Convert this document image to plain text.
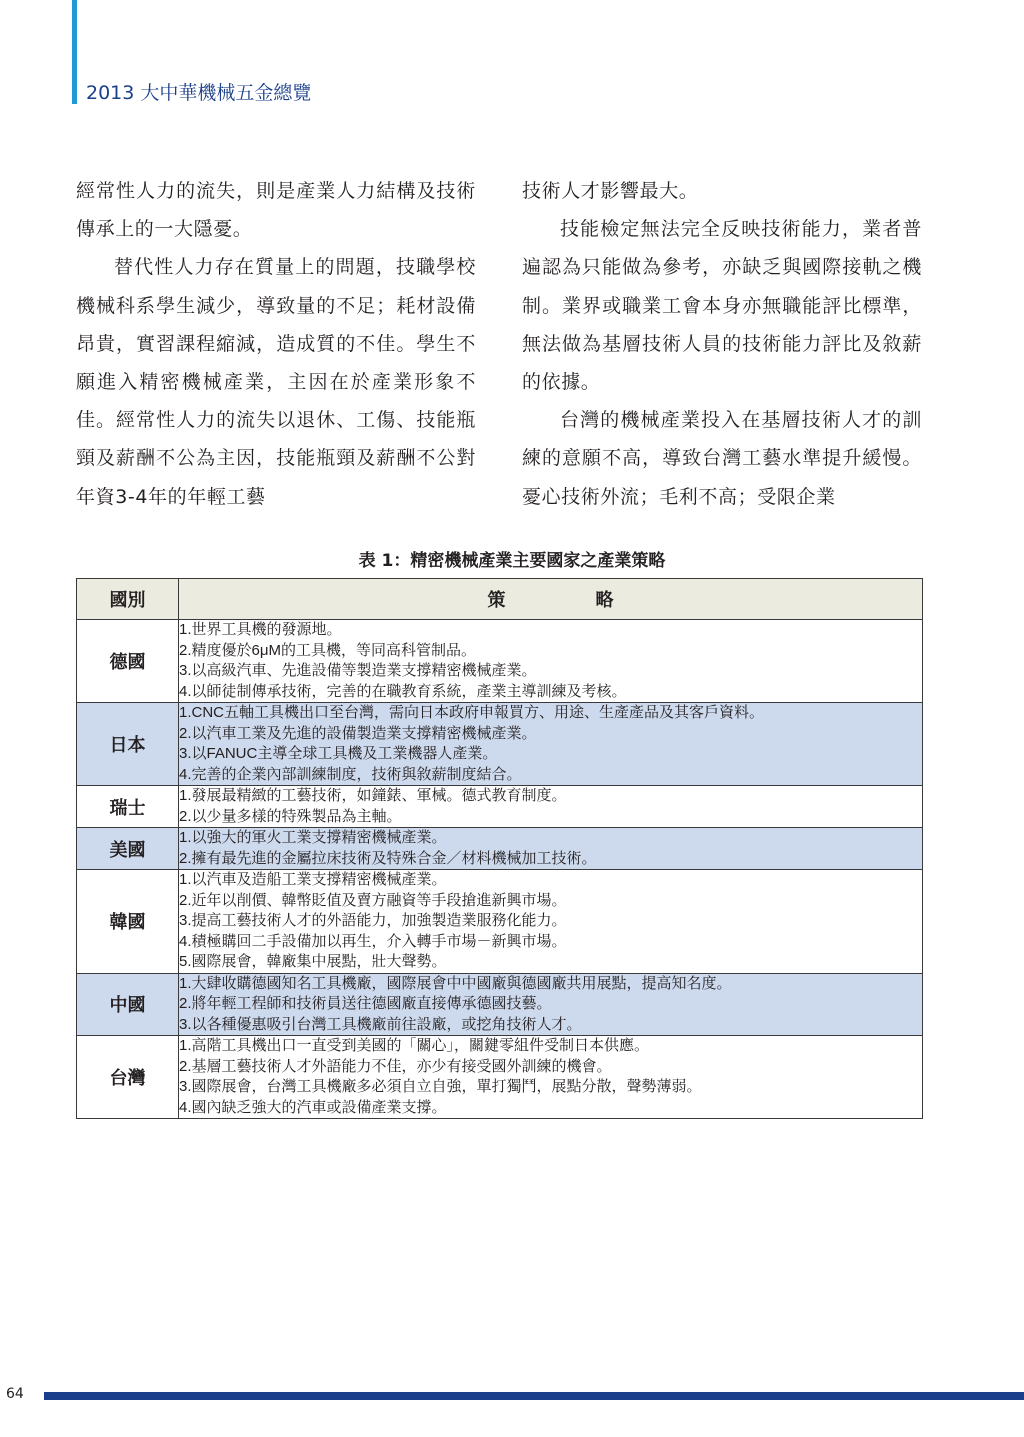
2013 大中華機械五金總覽

經常性人力的流失，則是產業人力結構及技術傳承上的一大隱憂。

替代性人力存在質量上的問題，技職學校機械科系學生減少，導致量的不足；耗材設備昂貴，實習課程縮減，造成質的不佳。學生不願進入精密機械產業，主因在於產業形象不佳。經常性人力的流失以退休、工傷、技能瓶頸及薪酬不公為主因，技能瓶頸及薪酬不公對年資3-4年的年輕工藝

技術人才影響最大。

技能檢定無法完全反映技術能力，業者普遍認為只能做為參考，亦缺乏與國際接軌之機制。業界或職業工會本身亦無職能評比標準，無法做為基層技術人員的技術能力評比及敘薪的依據。

台灣的機械產業投入在基層技術人才的訓練的意願不高，導致台灣工藝水準提升緩慢。憂心技術外流；毛利不高；受限企業

表 1：精密機械產業主要國家之產業策略
國別	策略
德國	1.世界工具機的發源地。
2.精度優於6μM的工具機，等同高科管制品。
3.以高級汽車、先進設備等製造業支撐精密機械產業。
4.以師徒制傳承技術，完善的在職教育系統，產業主導訓練及考核。

日本	1.CNC五軸工具機出口至台灣，需向日本政府申報買方、用途、生產產品及其客戶資料。
2.以汽車工業及先進的設備製造業支撐精密機械產業。
3.以FANUC主導全球工具機及工業機器人產業。
4.完善的企業內部訓練制度，技術與敘薪制度結合。

瑞士	1.發展最精緻的工藝技術，如鐘錶、軍械。德式教育制度。
2.以少量多樣的特殊製品為主軸。

美國	1.以強大的軍火工業支撐精密機械產業。
2.擁有最先進的金屬拉床技術及特殊合金／材料機械加工技術。

韓國	1.以汽車及造船工業支撐精密機械產業。
2.近年以削價、韓幣貶值及賣方融資等手段搶進新興市場。
3.提高工藝技術人才的外語能力，加強製造業服務化能力。
4.積極購回二手設備加以再生，介入轉手市場－新興市場。
5.國際展會，韓廠集中展點，壯大聲勢。

中國	1.大肆收購德國知名工具機廠，國際展會中中國廠與德國廠共用展點，提高知名度。
2.將年輕工程師和技術員送往德國廠直接傳承德國技藝。
3.以各種優惠吸引台灣工具機廠前往設廠，或挖角技術人才。

台灣	1.高階工具機出口一直受到美國的「關心」，關鍵零組件受制日本供應。
2.基層工藝技術人才外語能力不佳，亦少有接受國外訓練的機會。
3.國際展會，台灣工具機廠多必須自立自強，單打獨鬥，展點分散，聲勢薄弱。
4.國內缺乏強大的汽車或設備產業支撐。
64
